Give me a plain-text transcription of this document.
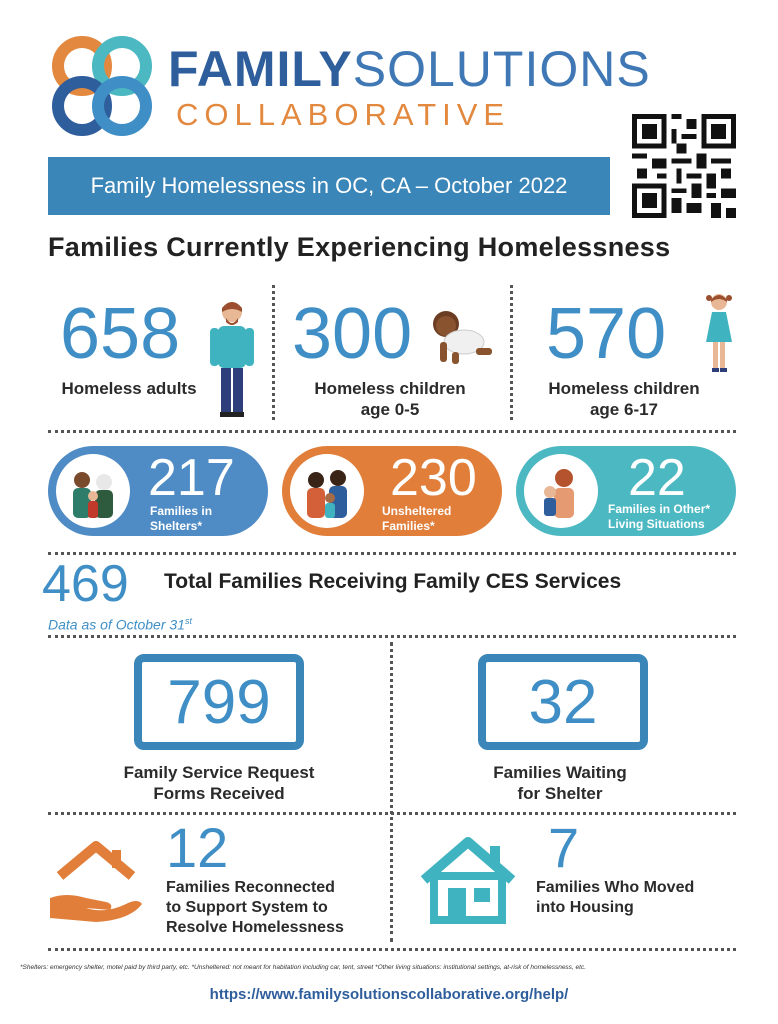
FAMILYSOLUTIONS
COLLABORATIVE
Family Homelessness in OC, CA – October 2022
Families Currently Experiencing Homelessness
658
Homeless adults
300
Homeless children
age 0-5
570
Homeless children
age 6-17
217
Families in
Shelters*
230
Unsheltered
Families*
22
Families in Other*
Living Situations
469 Total Families Receiving Family CES Services
Data as of October 31st
799
Family Service Request
Forms Received
32
Families Waiting
for Shelter
12
Families Reconnected
to Support System to
Resolve Homelessness
7
Families Who Moved
into Housing
*Shelters: emergency shelter, motel paid by third party, etc. *Unsheltered: not meant for habitation including car, tent, street *Other living situations: institutional settings, at-risk of homelessness, etc.
https://www.familysolutionscollaborative.org/help/
